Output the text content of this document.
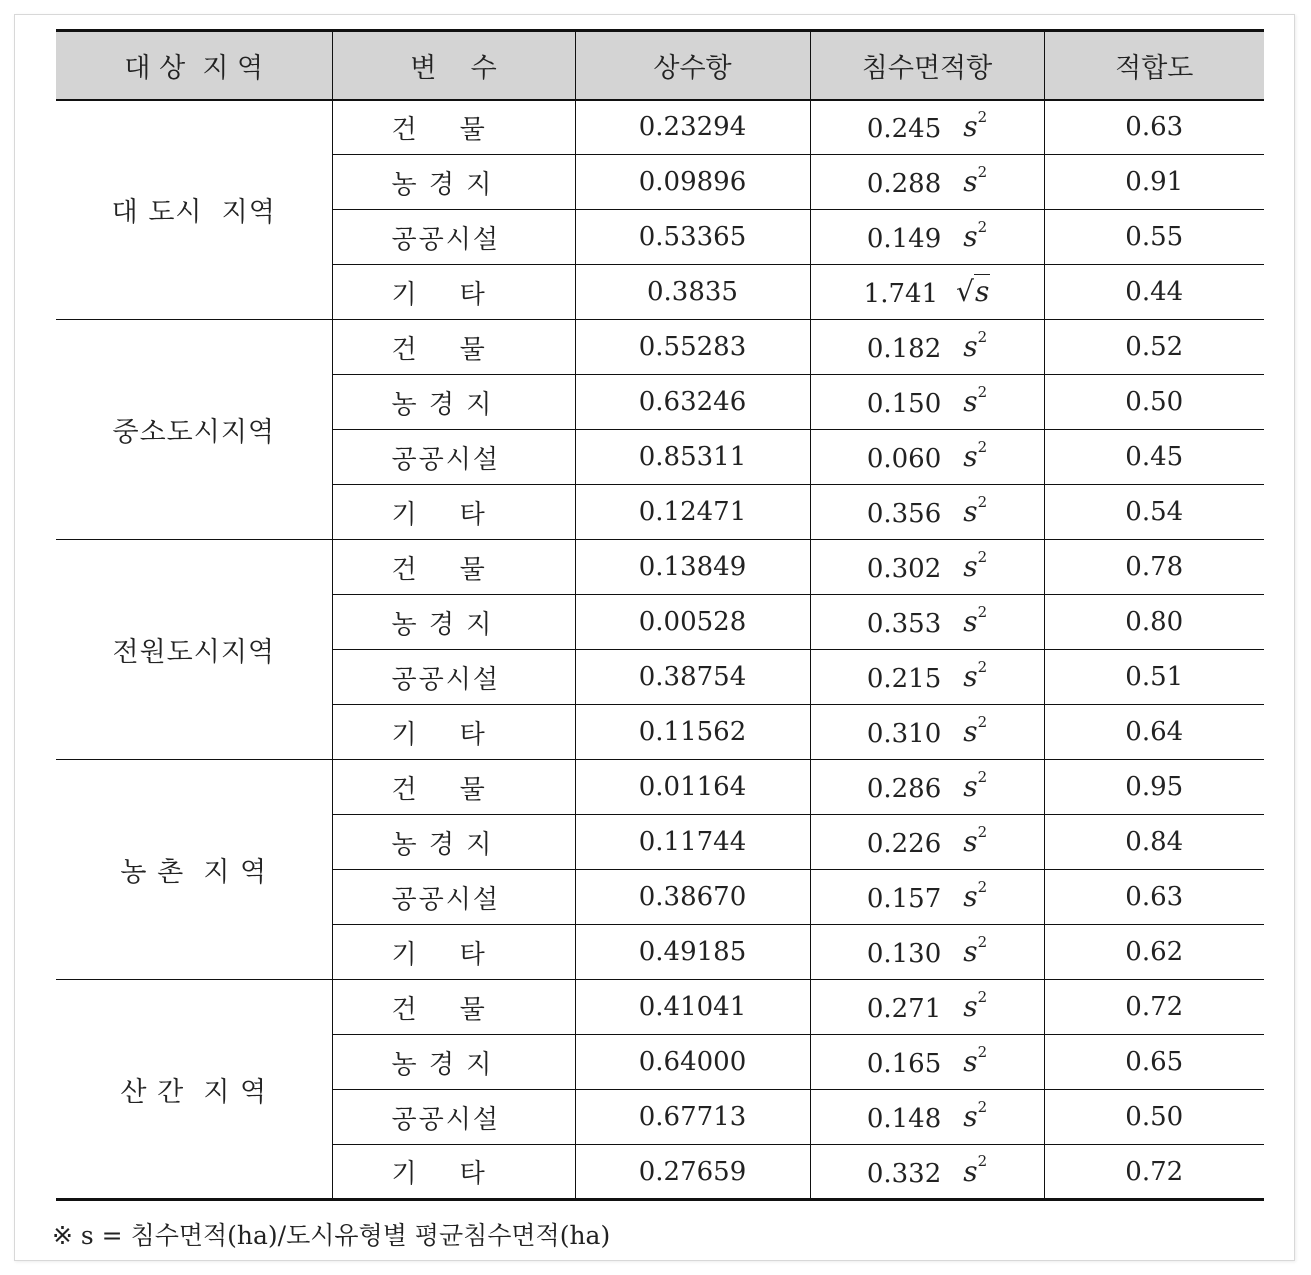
대 상  지 역	변    수	상수항	침수면적항	적합도
대 도시  지역	건    물	0.23294	0.245 $s^2$	0.63
	농 경 지	0.09896	0.288 $s^2$	0.91
	공공시설	0.53365	0.149 $s^2$	0.55
	기    타	0.3835	1.741 √s	0.44
중소도시지역	건    물	0.55283	0.182 $s^2$	0.52
	농 경 지	0.63246	0.150 $s^2$	0.50
	공공시설	0.85311	0.060 $s^2$	0.45
	기    타	0.12471	0.356 $s^2$	0.54
전원도시지역	건    물	0.13849	0.302 $s^2$	0.78
	농 경 지	0.00528	0.353 $s^2$	0.80
	공공시설	0.38754	0.215 $s^2$	0.51
	기    타	0.11562	0.310 $s^2$	0.64
농 촌  지 역	건    물	0.01164	0.286 $s^2$	0.95
	농 경 지	0.11744	0.226 $s^2$	0.84
	공공시설	0.38670	0.157 $s^2$	0.63
	기    타	0.49185	0.130 $s^2$	0.62
산 간  지 역	건    물	0.41041	0.271 $s^2$	0.72
	농 경 지	0.64000	0.165 $s^2$	0.65
	공공시설	0.67713	0.148 $s^2$	0.50
	기    타	0.27659	0.332 $s^2$	0.72
※ s = 침수면적(ha)/도시유형별 평균침수면적(ha)
